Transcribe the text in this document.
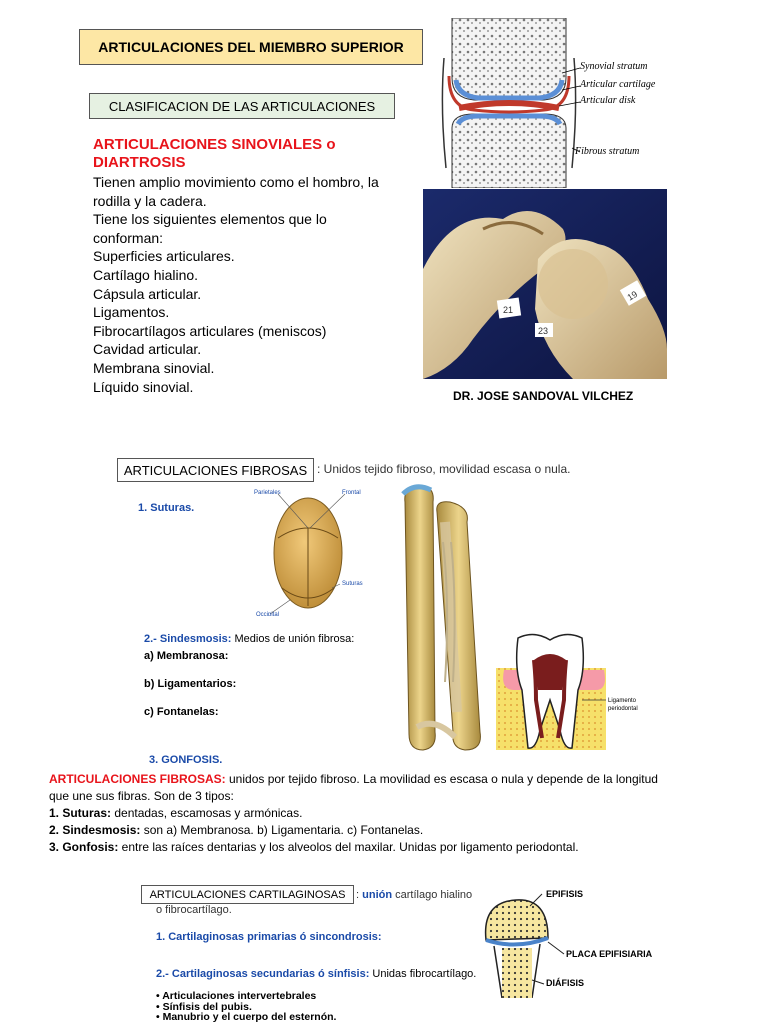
ARTICULACIONES DEL MIEMBRO SUPERIOR
CLASIFICACION DE LAS ARTICULACIONES
ARTICULACIONES SINOVIALES o
DIARTROSIS
Tienen amplio movimiento como el hombro, la
rodilla y la cadera.
Tiene los siguientes elementos que lo
conforman:
Superficies articulares.
Cartílago hialino.
Cápsula articular.
Ligamentos.
Fibrocartílagos articulares (meniscos)
Cavidad articular.
Membrana sinovial.
Líquido sinovial.
Synovial stratum
Articular cartilage
Articular disk
Fibrous stratum
21
19
23
DR. JOSE SANDOVAL VILCHEZ
ARTICULACIONES FIBROSAS : Unidos tejido fibroso, movilidad escasa o nula.
1. Suturas.
Parietales	Frontal
Suturas
Occipital
2.- Sindesmosis: Medios de unión fibrosa:
a) Membranosa:
b) Ligamentarios:
c) Fontanelas:
Ligamento
periodontal
3. GONFOSIS.
ARTICULACIONES FIBROSAS: unidos por tejido fibroso. La movilidad es escasa o nula y depende de la longitud
que une sus fibras. Son de 3 tipos:
1. Suturas: dentadas, escamosas y armónicas.
2. Sindesmosis: son a) Membranosa. b) Ligamentaria. c) Fontanelas.
3. Gonfosis: entre las raíces dentarias y los alveolos del maxilar. Unidas por ligamento periodontal.
ARTICULACIONES CARTILAGINOSAS : unión cartílago hialino
o fibrocartílago.
1. Cartilaginosas primarias ó sincondrosis:
2.- Cartilaginosas secundarias ó sínfisis: Unidas fibrocartílago.
• Articulaciones intervertebrales
• Sínfisis del pubis.
• Manubrio y el cuerpo del esternón.
EPIFISIS
PLACA EPIFISIARIA
DIÁFISIS
